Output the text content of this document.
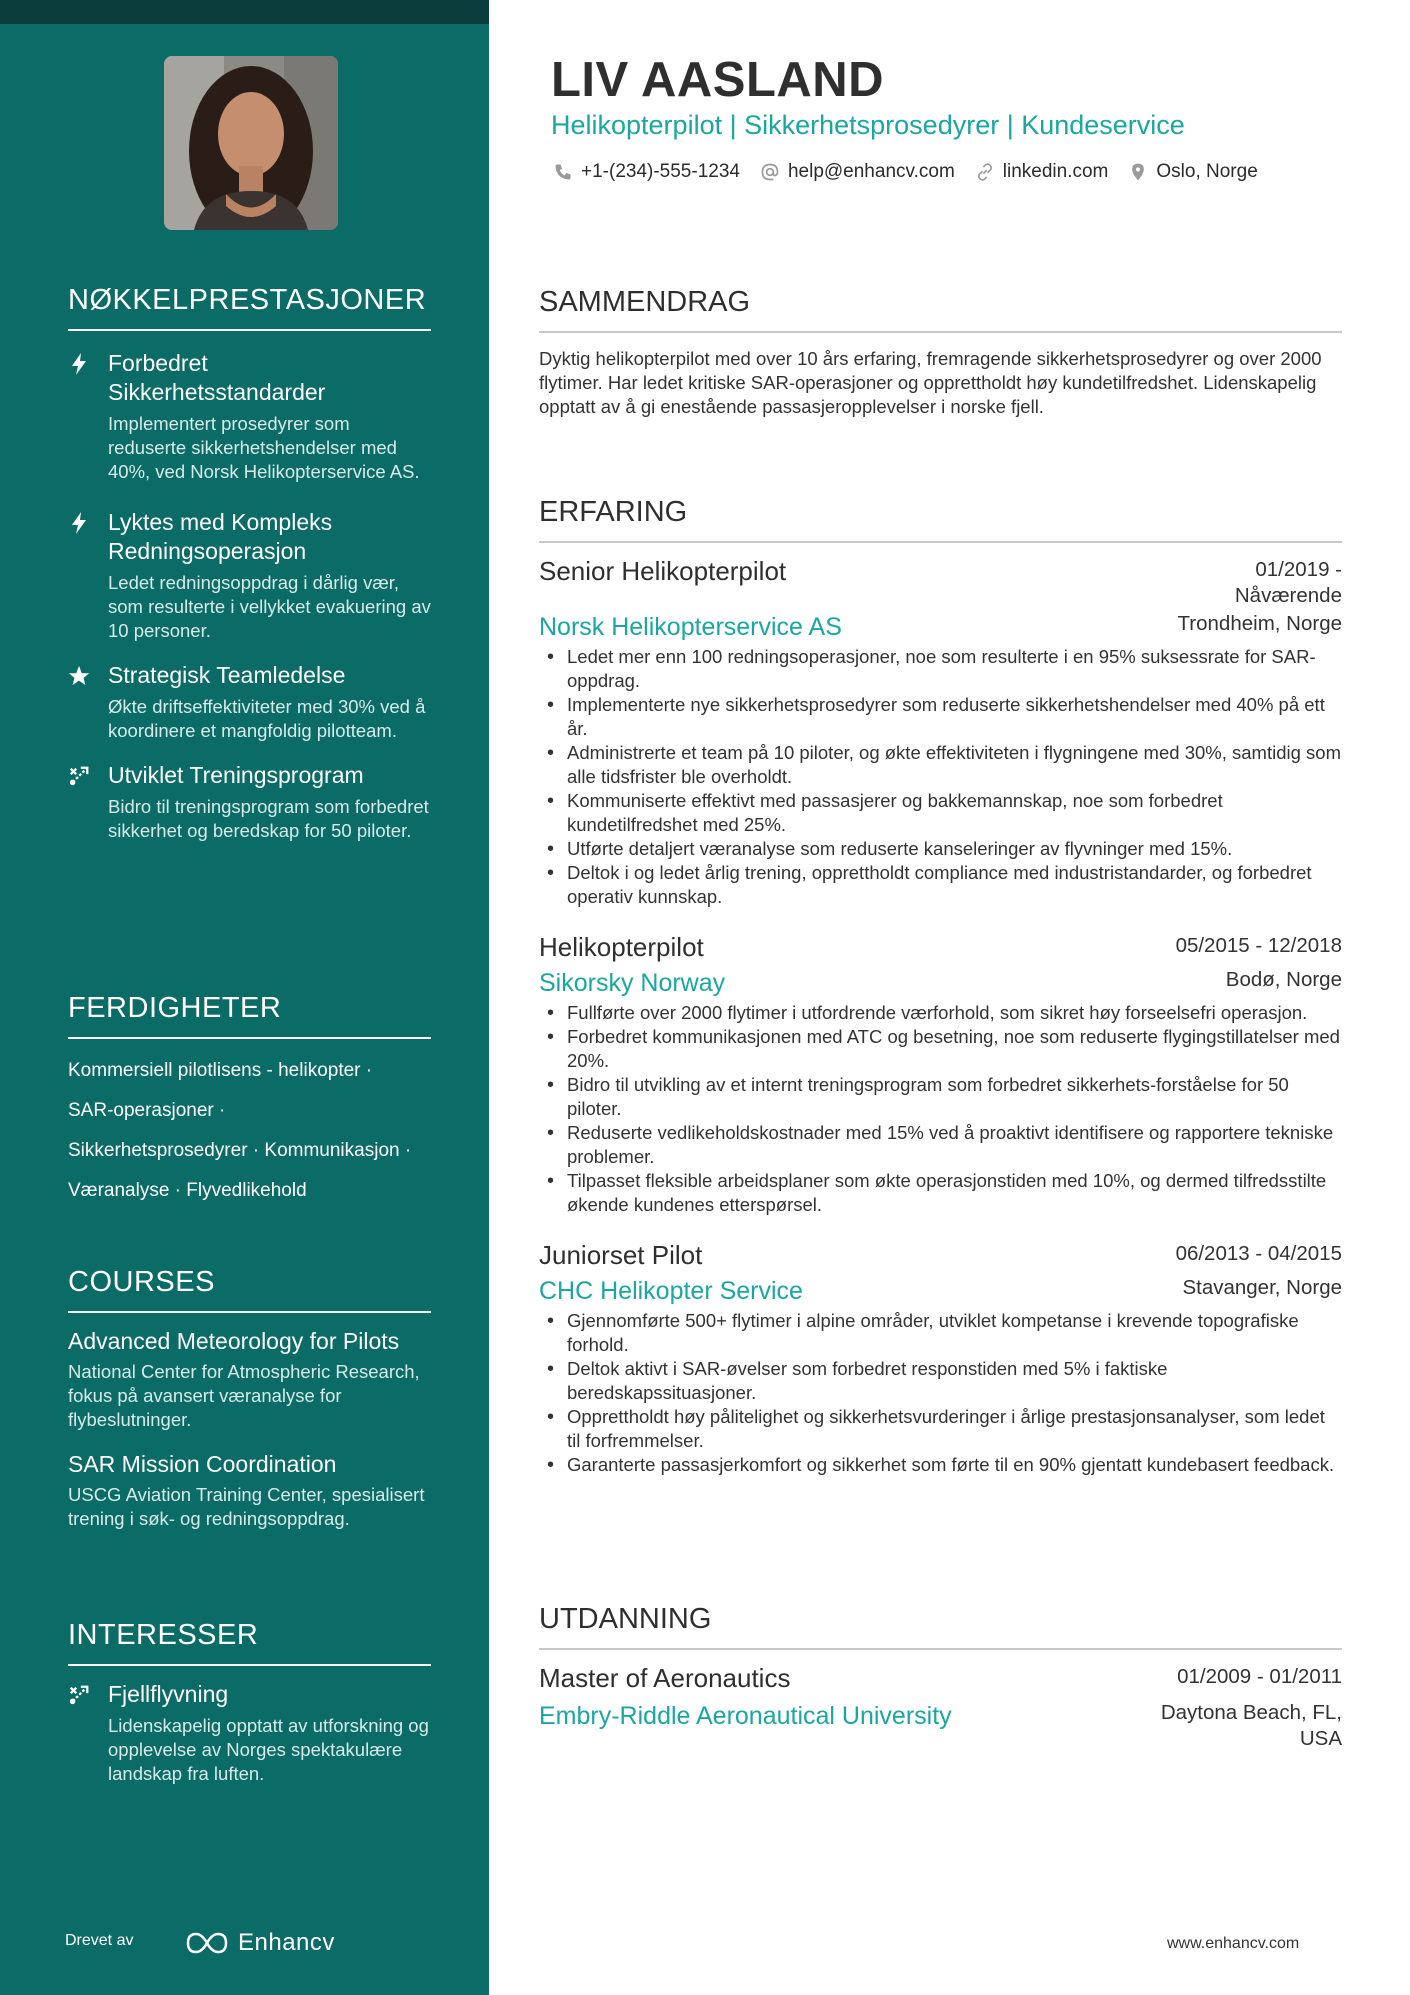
NØKKELPRESTASJONER
Forbedret Sikkerhetsstandarder
Implementert prosedyrer som reduserte sikkerhetshendelser med 40%, ved Norsk Helikopterservice AS.
Lyktes med Kompleks Redningsoperasjon
Ledet redningsoppdrag i dårlig vær, som resulterte i vellykket evakuering av 10 personer.
Strategisk Teamledelse
Økte driftseffektiviteter med 30% ved å koordinere et mangfoldig pilotteam.
Utviklet Treningsprogram
Bidro til treningsprogram som forbedret sikkerhet og beredskap for 50 piloter.
FERDIGHETER
Kommersiell pilotlisens - helikopter ·
SAR-operasjoner ·
Sikkerhetsprosedyrer · Kommunikasjon ·
Væranalyse · Flyvedlikehold
COURSES
Advanced Meteorology for Pilots
National Center for Atmospheric Research, fokus på avansert væranalyse for flybeslutninger.
SAR Mission Coordination
USCG Aviation Training Center, spesialisert trening i søk- og redningsoppdrag.
INTERESSER
Fjellflyvning
Lidenskapelig opptatt av utforskning og opplevelse av Norges spektakulære landskap fra luften.
Drevet av	Enhancv
LIV AASLAND
Helikopterpilot | Sikkerhetsprosedyrer | Kundeservice
+1-(234)-555-1234	help@enhancv.com	linkedin.com	Oslo, Norge
SAMMENDRAG
Dyktig helikopterpilot med over 10 års erfaring, fremragende sikkerhetsprosedyrer og over 2000 flytimer. Har ledet kritiske SAR-operasjoner og opprettholdt høy kundetilfredshet. Lidenskapelig opptatt av å gi enestående passasjeropplevelser i norske fjell.
ERFARING
Senior Helikopterpilot	01/2019 - Nåværende
Norsk Helikopterservice AS	Trondheim, Norge
• Ledet mer enn 100 redningsoperasjoner, noe som resulterte i en 95% suksessrate for SAR-oppdrag.
• Implementerte nye sikkerhetsprosedyrer som reduserte sikkerhetshendelser med 40% på ett år.
• Administrerte et team på 10 piloter, og økte effektiviteten i flygningene med 30%, samtidig som alle tidsfrister ble overholdt.
• Kommuniserte effektivt med passasjerer og bakkemannskap, noe som forbedret kundetilfredshet med 25%.
• Utførte detaljert væranalyse som reduserte kanseleringer av flyvninger med 15%.
• Deltok i og ledet årlig trening, opprettholdt compliance med industristandarder, og forbedret operativ kunnskap.
Helikopterpilot	05/2015 - 12/2018
Sikorsky Norway	Bodø, Norge
• Fullførte over 2000 flytimer i utfordrende værforhold, som sikret høy forseelsefri operasjon.
• Forbedret kommunikasjonen med ATC og besetning, noe som reduserte flygingstillatelser med 20%.
• Bidro til utvikling av et internt treningsprogram som forbedret sikkerhets-forståelse for 50 piloter.
• Reduserte vedlikeholdskostnader med 15% ved å proaktivt identifisere og rapportere tekniske problemer.
• Tilpasset fleksible arbeidsplaner som økte operasjonstiden med 10%, og dermed tilfredsstilte økende kundenes etterspørsel.
Juniorset Pilot	06/2013 - 04/2015
CHC Helikopter Service	Stavanger, Norge
• Gjennomførte 500+ flytimer i alpine områder, utviklet kompetanse i krevende topografiske forhold.
• Deltok aktivt i SAR-øvelser som forbedret responstiden med 5% i faktiske beredskapssituasjoner.
• Opprettholdt høy pålitelighet og sikkerhetsvurderinger i årlige prestasjonsanalyser, som ledet til forfremmelser.
• Garanterte passasjerkomfort og sikkerhet som førte til en 90% gjentatt kundebasert feedback.
UTDANNING
Master of Aeronautics	01/2009 - 01/2011
Embry-Riddle Aeronautical University	Daytona Beach, FL, USA
www.enhancv.com
